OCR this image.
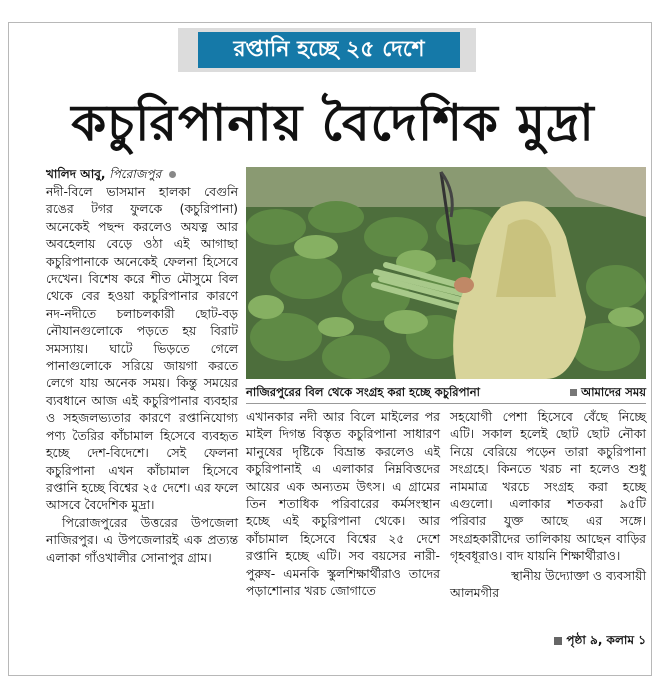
রপ্তানি হচ্ছে ২৫ দেশে
কচুরিপানায় বৈদেশিক মুদ্রা
খালিদ আবু, পিরোজপুর

নদী-বিলে ভাসমান হালকা বেগুনি রঙের টগর ফুলকে (কচুরিপানা) অনেকেই পছন্দ করলেও অযত্ন আর অবহেলায় বেড়ে ওঠা এই আগাছা কচুরিপানাকে অনেকেই ফেলনা হিসেবে দেখেন। বিশেষ করে শীত মৌসুমে বিল থেকে বের হওয়া কচুরিপানার কারণে নদ-নদীতে চলাচলকারী ছোট-বড় নৌযানগুলোকে পড়তে হয় বিরাট সমস্যায়। ঘাটে ভিড়তে গেলে পানাগুলোকে সরিয়ে জায়গা করতে লেগে যায় অনেক সময়। কিন্তু সময়ের ব্যবধানে আজ এই কচুরিপানার ব্যবহার ও সহজলভ্যতার কারণে রপ্তানিযোগ্য পণ্য তৈরির কাঁচামাল হিসেবে ব্যবহৃত হচ্ছে দেশ-বিদেশে। সেই ফেলনা কচুরিপানা এখন কাঁচামাল হিসেবে রপ্তানি হচ্ছে বিশ্বের ২৫ দেশে। এর ফলে আসবে বৈদেশিক মুদ্রা।

পিরোজপুরের উত্তরের উপজেলা নাজিরপুর। এ উপজেলারই এক প্রত্যন্ত এলাকা গাঁওখালীর সোনাপুর গ্রাম।

নাজিরপুরের বিল থেকে সংগ্রহ করা হচ্ছে কচুরিপানা	আমাদের সময়

এখানকার নদী আর বিলে মাইলের পর মাইল দিগন্ত বিস্তৃত কচুরিপানা সাধারণ মানুষের দৃষ্টিকে বিভ্রান্ত করলেও এই কচুরিপানাই এ এলাকার নিম্নবিত্তদের আয়ের এক অন্যতম উৎস। এ গ্রামের তিন শতাধিক পরিবারের কর্মসংস্থান হচ্ছে এই কচুরিপানা থেকে। আর কাঁচামাল হিসেবে বিশ্বের ২৫ দেশে রপ্তানি হচ্ছে এটি। সব বয়সের নারী-পুরুষ- এমনকি স্কুলশিক্ষার্থীরাও তাদের পড়াশোনার খরচ জোগাতে

সহযোগী পেশা হিসেবে বেঁছে নিচ্ছে এটি। সকাল হলেই ছোট ছোট নৌকা নিয়ে বেরিয়ে পড়েন তারা কচুরিপানা সংগ্রহে। কিনতে খরচ না হলেও শুধু নামমাত্র খরচে সংগ্রহ করা হচ্ছে এগুলো। এলাকার শতকরা ৯৫টি পরিবার যুক্ত আছে এর সঙ্গে। সংগ্রহকারীদের তালিকায় আছেন বাড়ির গৃহবধূরাও। বাদ যায়নি শিক্ষার্থীরাও।

স্থানীয় উদ্যোক্তা ও ব্যবসায়ী
আলমগীর
পৃষ্ঠা ৯, কলাম ১
